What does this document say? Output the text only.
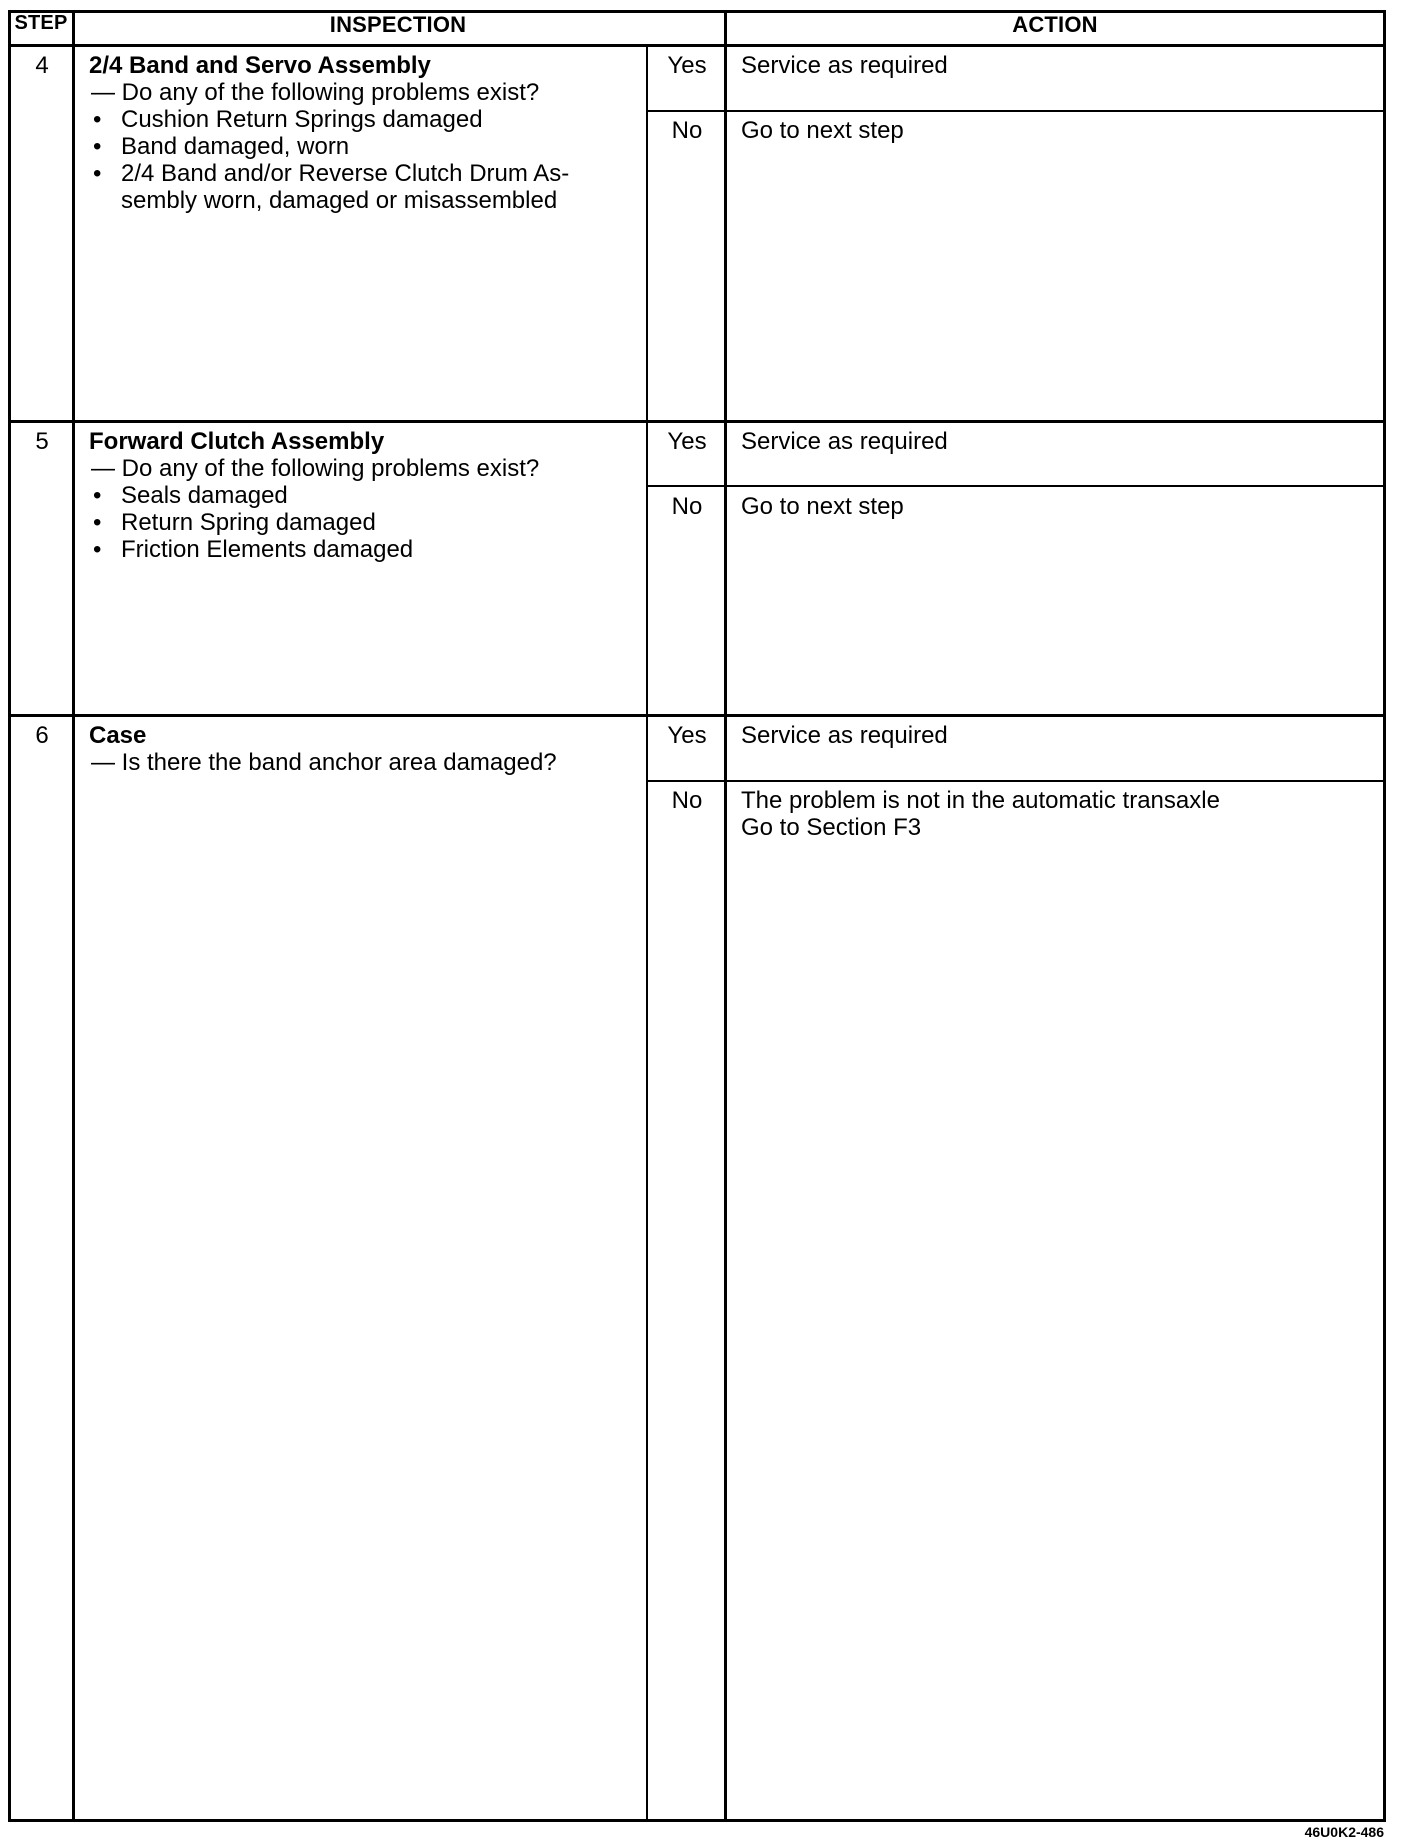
STEP	INSPECTION	ACTION
4	2/4 Band and Servo Assembly
— Do any of the following problems exist?
• Cushion Return Springs damaged
• Band damaged, worn
• 2/4 Band and/or Reverse Clutch Drum As-
sembly worn, damaged or misassembled
Yes	Service as required
No	Go to next step
5	Forward Clutch Assembly
— Do any of the following problems exist?
• Seals damaged
• Return Spring damaged
• Friction Elements damaged
Yes	Service as required
No	Go to next step
6	Case
— Is there the band anchor area damaged?
Yes	Service as required
No	The problem is not in the automatic transaxle
Go to Section F3
46U0K2-486
